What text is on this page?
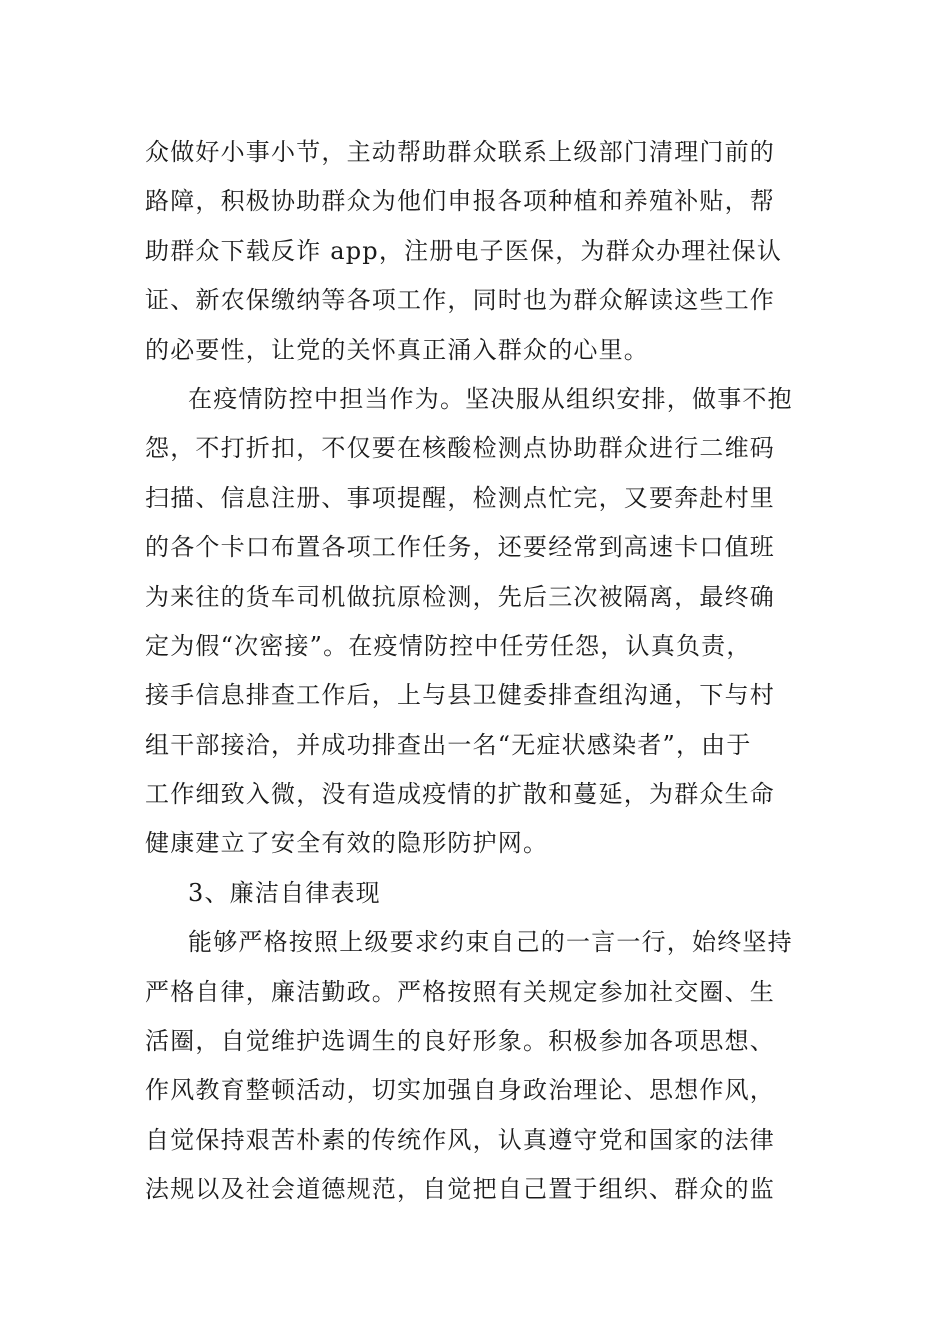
众做好小事小节，主动帮助群众联系上级部门清理门前的
路障，积极协助群众为他们申报各项种植和养殖补贴，帮
助群众下载反诈 app，注册电子医保，为群众办理社保认
证、新农保缴纳等各项工作，同时也为群众解读这些工作
的必要性，让党的关怀真正涌入群众的心里。
在疫情防控中担当作为。坚决服从组织安排，做事不抱
怨，不打折扣，不仅要在核酸检测点协助群众进行二维码
扫描、信息注册、事项提醒，检测点忙完，又要奔赴村里
的各个卡口布置各项工作任务，还要经常到高速卡口值班
为来往的货车司机做抗原检测，先后三次被隔离，最终确
定为假“次密接”。在疫情防控中任劳任怨，认真负责，
接手信息排查工作后，上与县卫健委排查组沟通，下与村
组干部接洽，并成功排查出一名“无症状感染者”，由于
工作细致入微，没有造成疫情的扩散和蔓延，为群众生命
健康建立了安全有效的隐形防护网。
3、廉洁自律表现
能够严格按照上级要求约束自己的一言一行，始终坚持
严格自律，廉洁勤政。严格按照有关规定参加社交圈、生
活圈，自觉维护选调生的良好形象。积极参加各项思想、
作风教育整顿活动，切实加强自身政治理论、思想作风，
自觉保持艰苦朴素的传统作风，认真遵守党和国家的法律
法规以及社会道德规范，自觉把自己置于组织、群众的监
